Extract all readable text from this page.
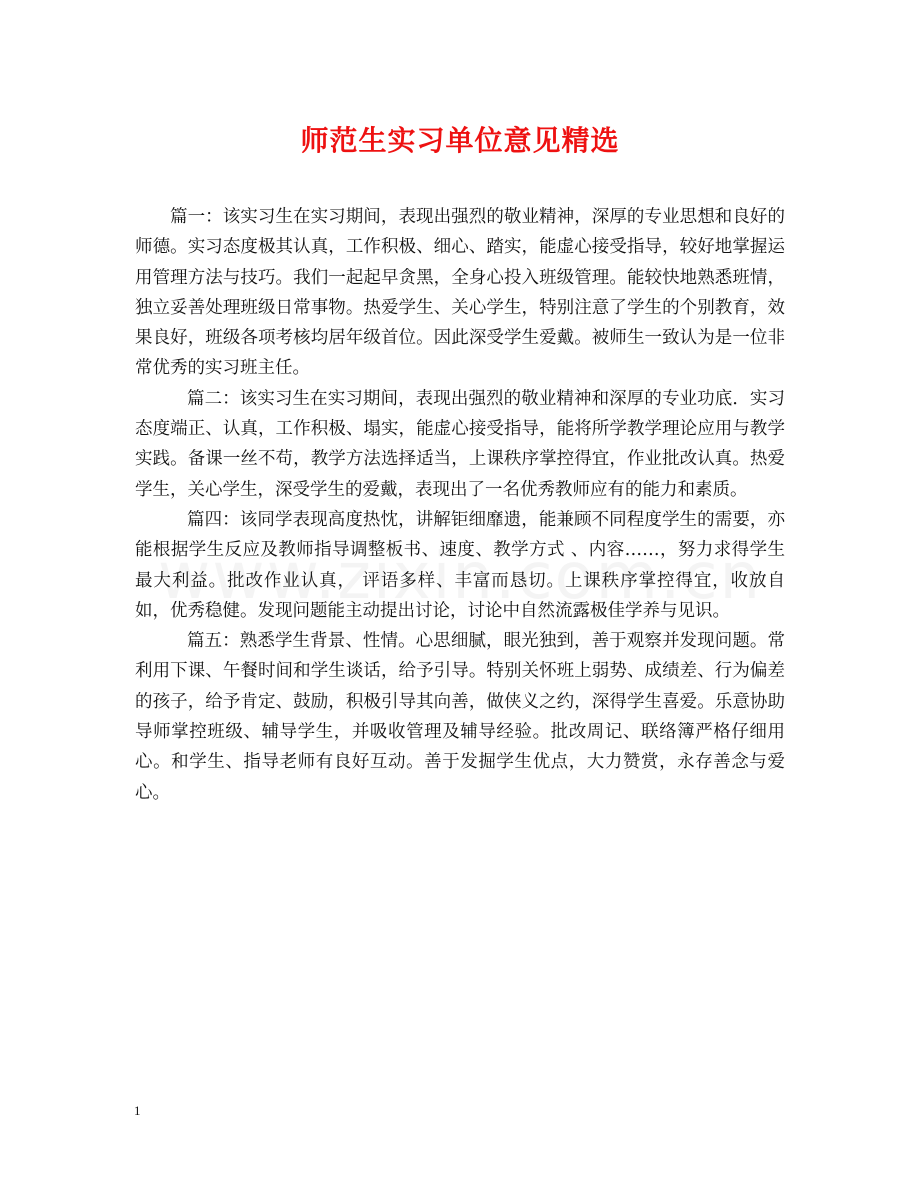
师范生实习单位意见精选

篇一：该实习生在实习期间，表现出强烈的敬业精神，深厚的专业思想和良好的师德。实习态度极其认真，工作积极、细心、踏实，能虚心接受指导，较好地掌握运用管理方法与技巧。我们一起起早贪黑，全身心投入班级管理。能较快地熟悉班情，独立妥善处理班级日常事物。热爱学生、关心学生，特别注意了学生的个别教育，效果良好，班级各项考核均居年级首位。因此深受学生爱戴。被师生一致认为是一位非常优秀的实习班主任。

篇二：该实习生在实习期间，表现出强烈的敬业精神和深厚的专业功底．实习态度端正、认真，工作积极、塌实，能虚心接受指导，能将所学教学理论应用与教学实践。备课一丝不苟，教学方法选择适当，上课秩序掌控得宜，作业批改认真。热爱学生，关心学生，深受学生的爱戴，表现出了一名优秀教师应有的能力和素质。

篇四：该同学表现高度热忱，讲解钜细靡遗，能兼顾不同程度学生的需要，亦能根据学生反应及教师指导调整板书、速度、教学方式 、内容……，努力求得学生最大利益。批改作业认真， 评语多样、丰富而恳切。上课秩序掌控得宜，收放自如，优秀稳健。发现问题能主动提出讨论，讨论中自然流露极佳学养与见识。

篇五：熟悉学生背景、性情。心思细腻，眼光独到，善于观察并发现问题。常利用下课、午餐时间和学生谈话，给予引导。特别关怀班上弱势、成绩差、行为偏差的孩子，给予肯定、鼓励，积极引导其向善，做侠义之约，深得学生喜爱。乐意协助导师掌控班级、辅导学生，并吸收管理及辅导经验。批改周记、联络簿严格仔细用心。和学生、指导老师有良好互动。善于发掘学生优点，大力赞赏，永存善念与爱心。

1
